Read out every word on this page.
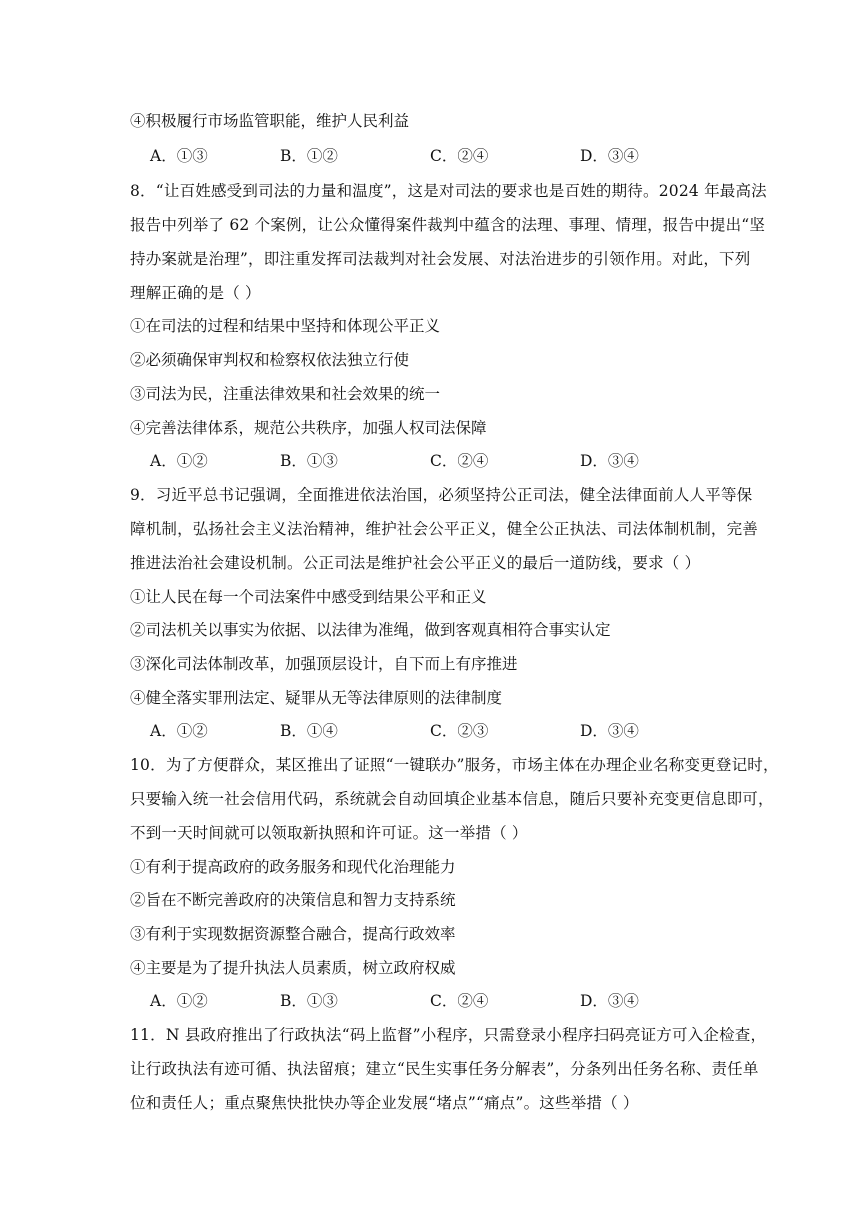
④积极履行市场监管职能，维护人民利益
A．①③	B．①②	C．②④	D．③④
8．“让百姓感受到司法的力量和温度”，这是对司法的要求也是百姓的期待。2024 年最高法
报告中列举了 62 个案例，让公众懂得案件裁判中蕴含的法理、事理、情理，报告中提出“坚
持办案就是治理”，即注重发挥司法裁判对社会发展、对法治进步的引领作用。对此，下列
理解正确的是（ ）
①在司法的过程和结果中坚持和体现公平正义
②必须确保审判权和检察权依法独立行使
③司法为民，注重法律效果和社会效果的统一
④完善法律体系，规范公共秩序，加强人权司法保障
A．①②	B．①③	C．②④	D．③④
9．习近平总书记强调，全面推进依法治国，必须坚持公正司法，健全法律面前人人平等保
障机制，弘扬社会主义法治精神，维护社会公平正义，健全公正执法、司法体制机制，完善
推进法治社会建设机制。公正司法是维护社会公平正义的最后一道防线，要求（ ）
①让人民在每一个司法案件中感受到结果公平和正义
②司法机关以事实为依据、以法律为准绳，做到客观真相符合事实认定
③深化司法体制改革，加强顶层设计，自下而上有序推进
④健全落实罪刑法定、疑罪从无等法律原则的法律制度
A．①②	B．①④	C．②③	D．③④
10．为了方便群众，某区推出了证照“一键联办”服务，市场主体在办理企业名称变更登记时，
只要输入统一社会信用代码，系统就会自动回填企业基本信息，随后只要补充变更信息即可，
不到一天时间就可以领取新执照和许可证。这一举措（ ）
①有利于提高政府的政务服务和现代化治理能力
②旨在不断完善政府的决策信息和智力支持系统
③有利于实现数据资源整合融合，提高行政效率
④主要是为了提升执法人员素质，树立政府权威
A．①②	B．①③	C．②④	D．③④
11．N 县政府推出了行政执法“码上监督”小程序，只需登录小程序扫码亮证方可入企检查，
让行政执法有迹可循、执法留痕；建立“民生实事任务分解表”，分条列出任务名称、责任单
位和责任人；重点聚焦快批快办等企业发展“堵点”“痛点”。这些举措（ ）
